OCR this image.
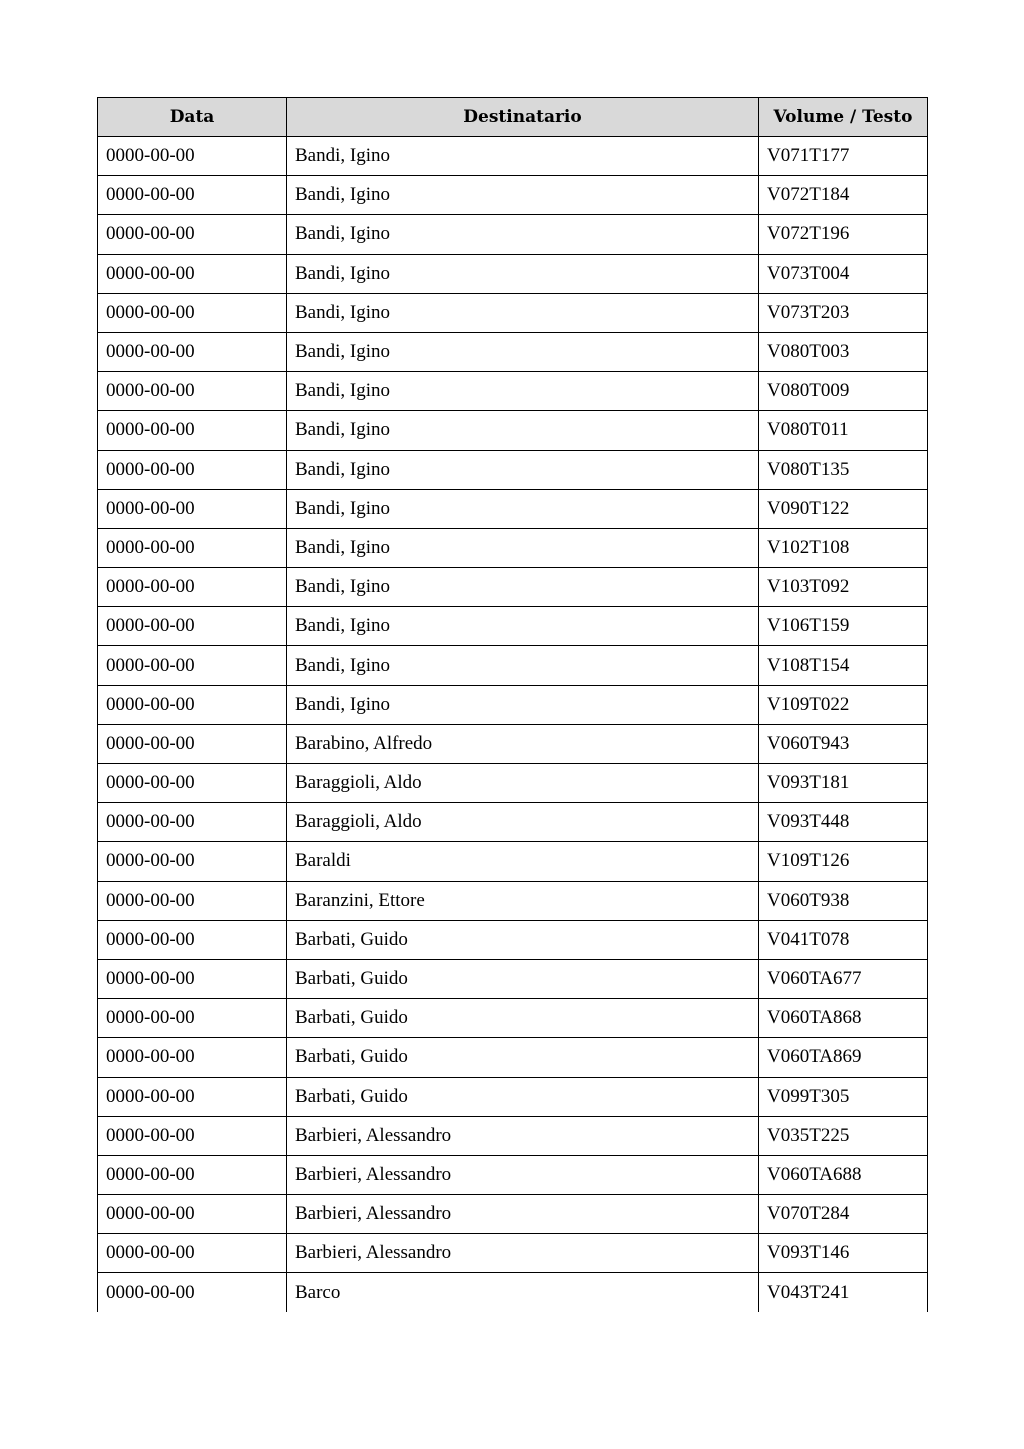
Data	Destinatario	Volume / Testo
0000-00-00	Bandi, Igino	V071T177
0000-00-00	Bandi, Igino	V072T184
0000-00-00	Bandi, Igino	V072T196
0000-00-00	Bandi, Igino	V073T004
0000-00-00	Bandi, Igino	V073T203
0000-00-00	Bandi, Igino	V080T003
0000-00-00	Bandi, Igino	V080T009
0000-00-00	Bandi, Igino	V080T011
0000-00-00	Bandi, Igino	V080T135
0000-00-00	Bandi, Igino	V090T122
0000-00-00	Bandi, Igino	V102T108
0000-00-00	Bandi, Igino	V103T092
0000-00-00	Bandi, Igino	V106T159
0000-00-00	Bandi, Igino	V108T154
0000-00-00	Bandi, Igino	V109T022
0000-00-00	Barabino, Alfredo	V060T943
0000-00-00	Baraggioli, Aldo	V093T181
0000-00-00	Baraggioli, Aldo	V093T448
0000-00-00	Baraldi	V109T126
0000-00-00	Baranzini, Ettore	V060T938
0000-00-00	Barbati, Guido	V041T078
0000-00-00	Barbati, Guido	V060TA677
0000-00-00	Barbati, Guido	V060TA868
0000-00-00	Barbati, Guido	V060TA869
0000-00-00	Barbati, Guido	V099T305
0000-00-00	Barbieri, Alessandro	V035T225
0000-00-00	Barbieri, Alessandro	V060TA688
0000-00-00	Barbieri, Alessandro	V070T284
0000-00-00	Barbieri, Alessandro	V093T146
0000-00-00	Barco	V043T241
